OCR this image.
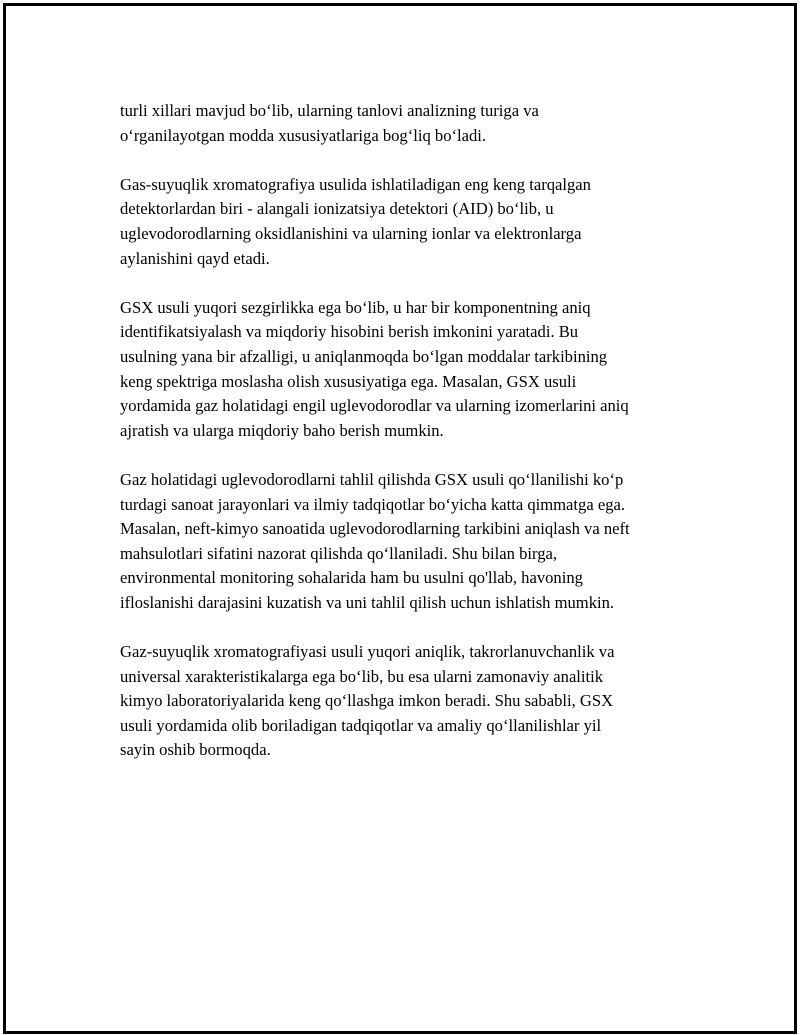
turli xillari mavjud bo‘lib, ularning tanlovi analizning turiga va
o‘rganilayotgan modda xususiyatlariga bog‘liq bo‘ladi.

Gas-suyuqlik xromatografiya usulida ishlatiladigan eng keng tarqalgan
detektorlardan biri - alangali ionizatsiya detektori (AID) bo‘lib, u
uglevodorodlarning oksidlanishini va ularning ionlar va elektronlarga
aylanishini qayd etadi.

GSX usuli yuqori sezgirlikka ega bo‘lib, u har bir komponentning aniq
identifikatsiyalash va miqdoriy hisobini berish imkonini yaratadi. Bu
usulning yana bir afzalligi, u aniqlanmoqda bo‘lgan moddalar tarkibining
keng spektriga moslasha olish xususiyatiga ega. Masalan, GSX usuli
yordamida gaz holatidagi engil uglevodorodlar va ularning izomerlarini aniq
ajratish va ularga miqdoriy baho berish mumkin.

Gaz holatidagi uglevodorodlarni tahlil qilishda GSX usuli qo‘llanilishi ko‘p
turdagi sanoat jarayonlari va ilmiy tadqiqotlar bo‘yicha katta qimmatga ega.
Masalan, neft-kimyo sanoatida uglevodorodlarning tarkibini aniqlash va neft
mahsulotlari sifatini nazorat qilishda qo‘llaniladi. Shu bilan birga,
environmental monitoring sohalarida ham bu usulni qo'llab, havoning
ifloslanishi darajasini kuzatish va uni tahlil qilish uchun ishlatish mumkin.

Gaz-suyuqlik xromatografiyasi usuli yuqori aniqlik, takrorlanuvchanlik va
universal xarakteristikalarga ega bo‘lib, bu esa ularni zamonaviy analitik
kimyo laboratoriyalarida keng qo‘llashga imkon beradi. Shu sababli, GSX
usuli yordamida olib boriladigan tadqiqotlar va amaliy qo‘llanilishlar yil
sayin oshib bormoqda.
